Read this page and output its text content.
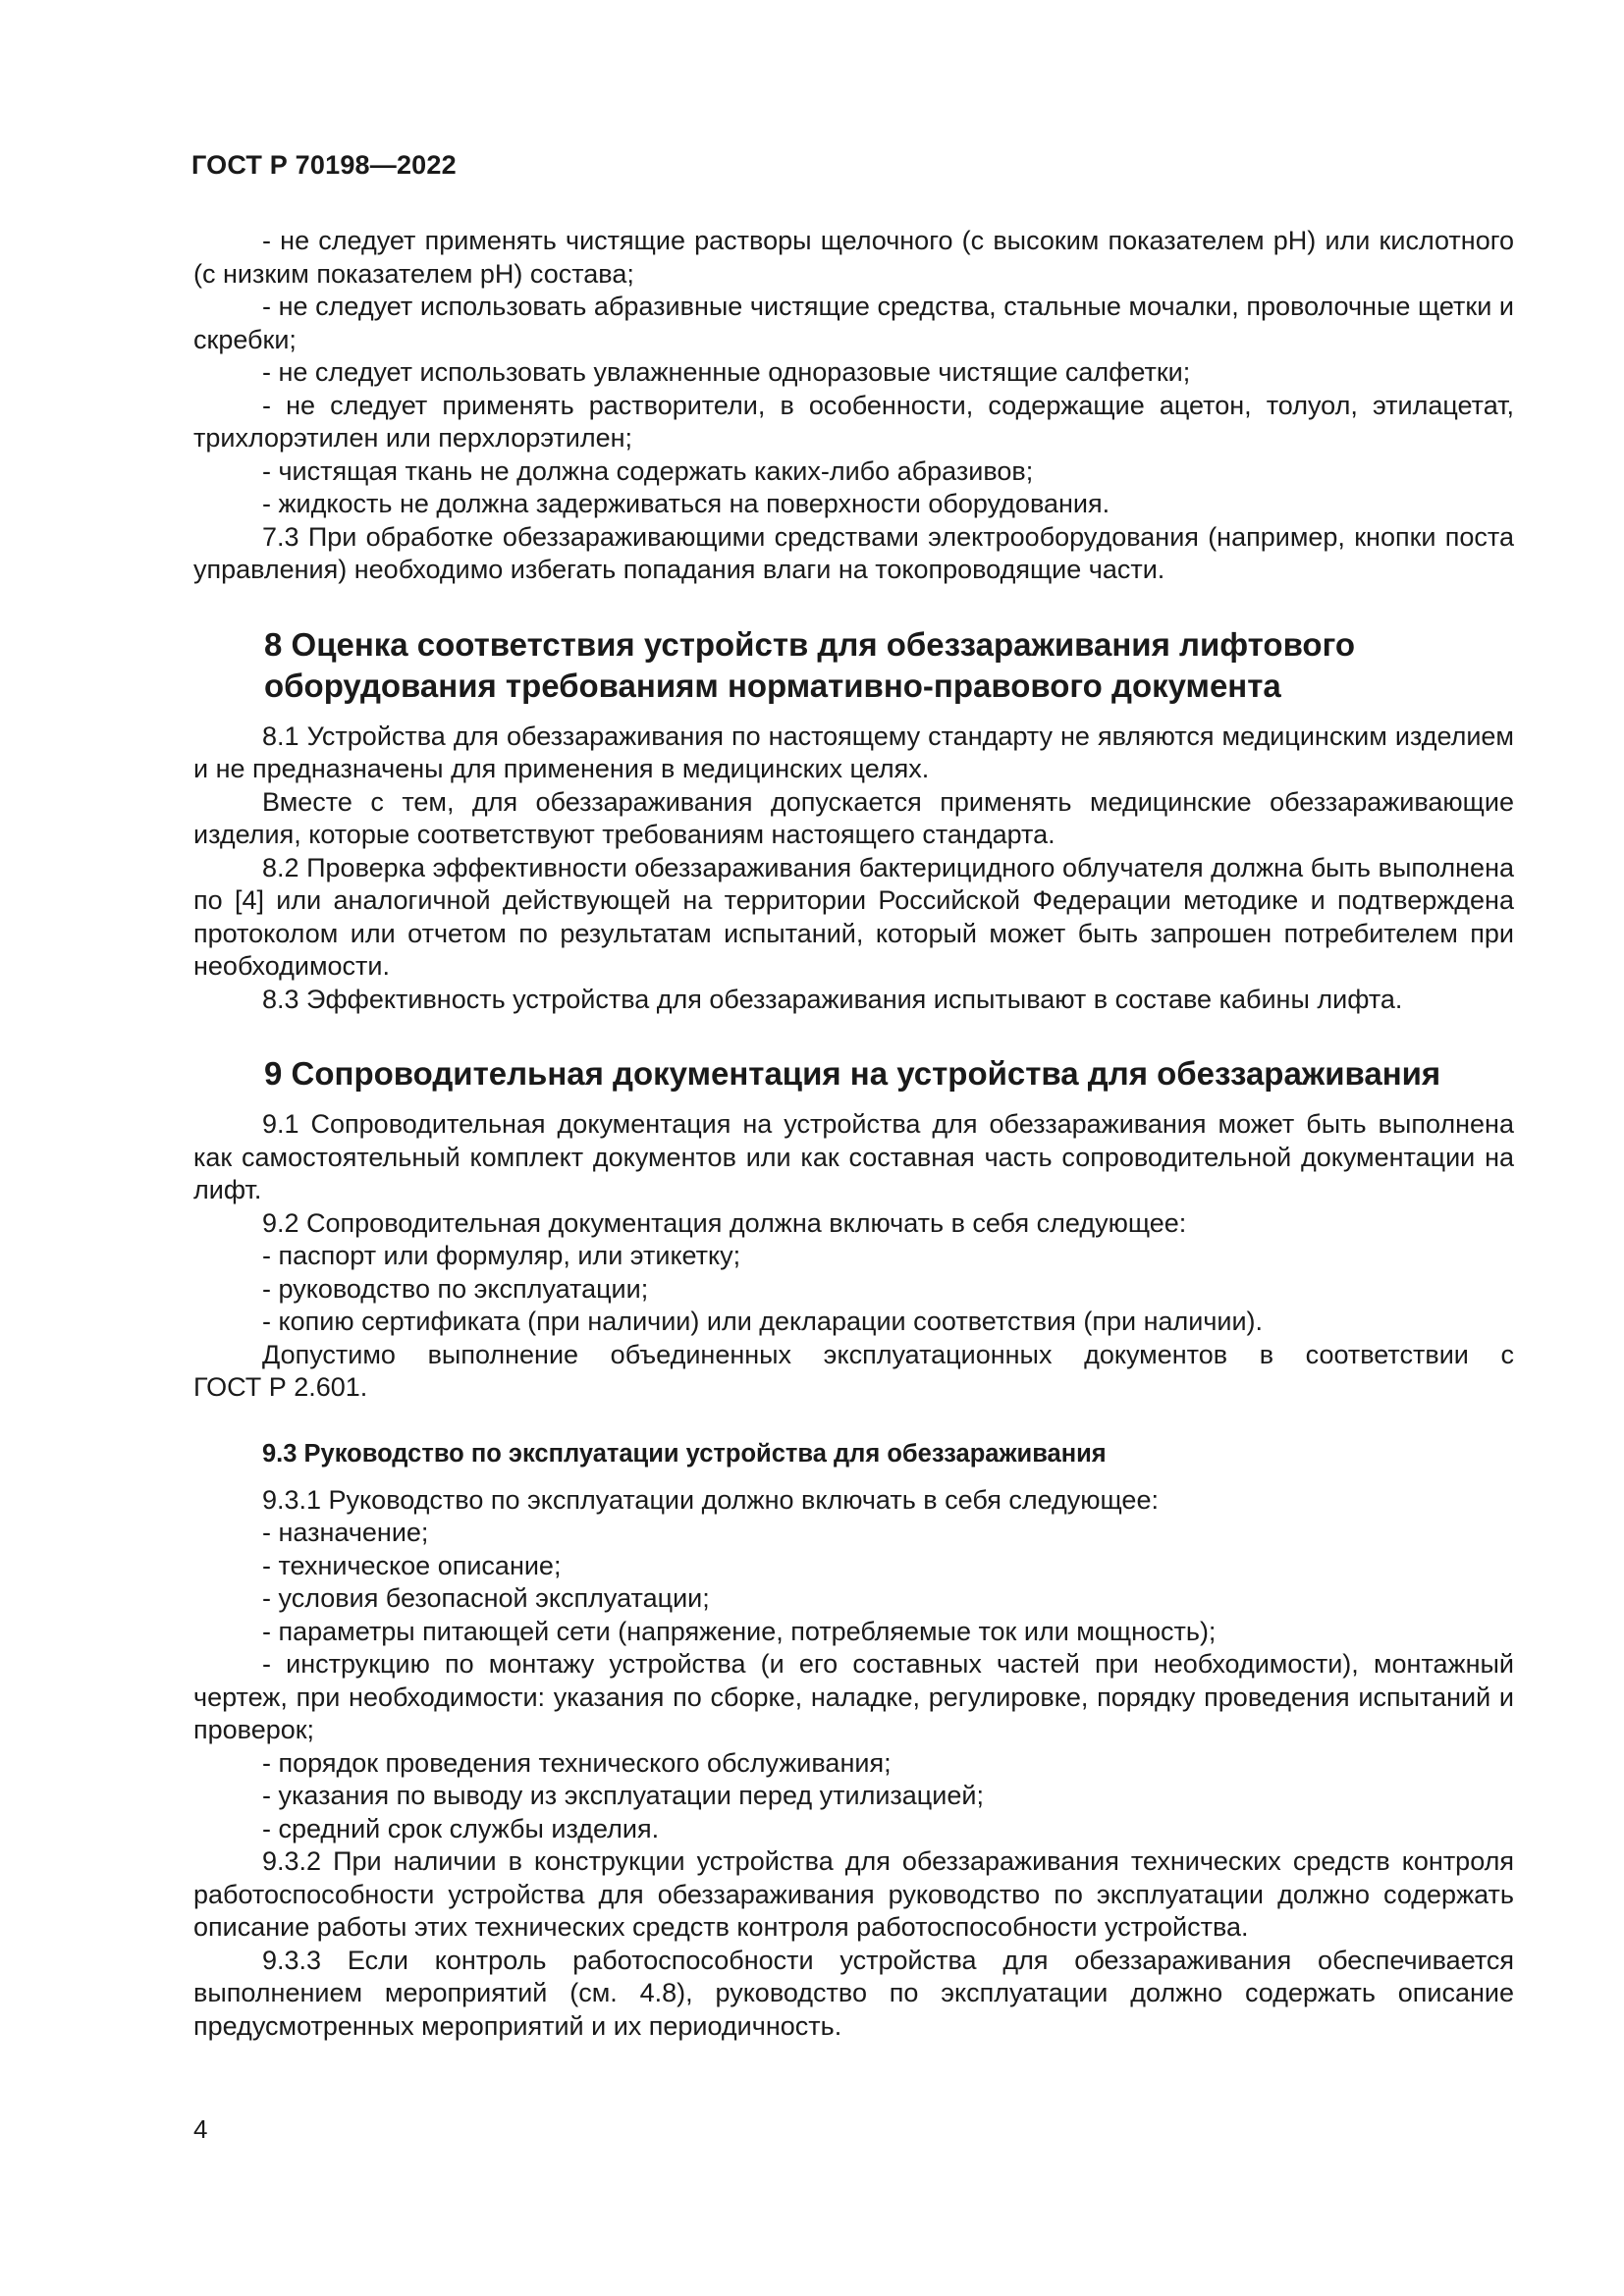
ГОСТ Р 70198—2022

- не следует применять чистящие растворы щелочного (с высоким показателем pH) или кислотного (с низким показателем pH) состава;

- не следует использовать абразивные чистящие средства, стальные мочалки, проволочные щетки и скребки;

- не следует использовать увлажненные одноразовые чистящие салфетки;

- не следует применять растворители, в особенности, содержащие ацетон, толуол, этилацетат, трихлорэтилен или перхлорэтилен;

- чистящая ткань не должна содержать каких-либо абразивов;

- жидкость не должна задерживаться на поверхности оборудования.

7.3 При обработке обеззараживающими средствами электрооборудования (например, кнопки поста управления) необходимо избегать попадания влаги на токопроводящие части.

8 Оценка соответствия устройств для обеззараживания лифтового
оборудования требованиям нормативно-правового документа

8.1 Устройства для обеззараживания по настоящему стандарту не являются медицинским изделием и не предназначены для применения в медицинских целях.

Вместе с тем, для обеззараживания допускается применять медицинские обеззараживающие изделия, которые соответствуют требованиям настоящего стандарта.

8.2 Проверка эффективности обеззараживания бактерицидного облучателя должна быть выполнена по [4] или аналогичной действующей на территории Российской Федерации методике и подтверждена протоколом или отчетом по результатам испытаний, который может быть запрошен потребителем при необходимости.

8.3 Эффективность устройства для обеззараживания испытывают в составе кабины лифта.

9 Сопроводительная документация на устройства для обеззараживания

9.1 Сопроводительная документация на устройства для обеззараживания может быть выполнена как самостоятельный комплект документов или как составная часть сопроводительной документации на лифт.

9.2 Сопроводительная документация должна включать в себя следующее:

- паспорт или формуляр, или этикетку;

- руководство по эксплуатации;

- копию сертификата (при наличии) или декларации соответствия (при наличии).

Допустимо выполнение объединенных эксплуатационных документов в соответствии с

ГОСТ Р 2.601.

9.3 Руководство по эксплуатации устройства для обеззараживания

9.3.1 Руководство по эксплуатации должно включать в себя следующее:

- назначение;

- техническое описание;

- условия безопасной эксплуатации;

- параметры питающей сети (напряжение, потребляемые ток или мощность);

- инструкцию по монтажу устройства (и его составных частей при необходимости), монтажный чертеж, при необходимости: указания по сборке, наладке, регулировке, порядку проведения испытаний и проверок;

- порядок проведения технического обслуживания;

- указания по выводу из эксплуатации перед утилизацией;

- средний срок службы изделия.

9.3.2 При наличии в конструкции устройства для обеззараживания технических средств контроля работоспособности устройства для обеззараживания руководство по эксплуатации должно содержать описание работы этих технических средств контроля работоспособности устройства.

9.3.3 Если контроль работоспособности устройства для обеззараживания обеспечивается выполнением мероприятий (см. 4.8), руководство по эксплуатации должно содержать описание предусмотренных мероприятий и их периодичность.

4
